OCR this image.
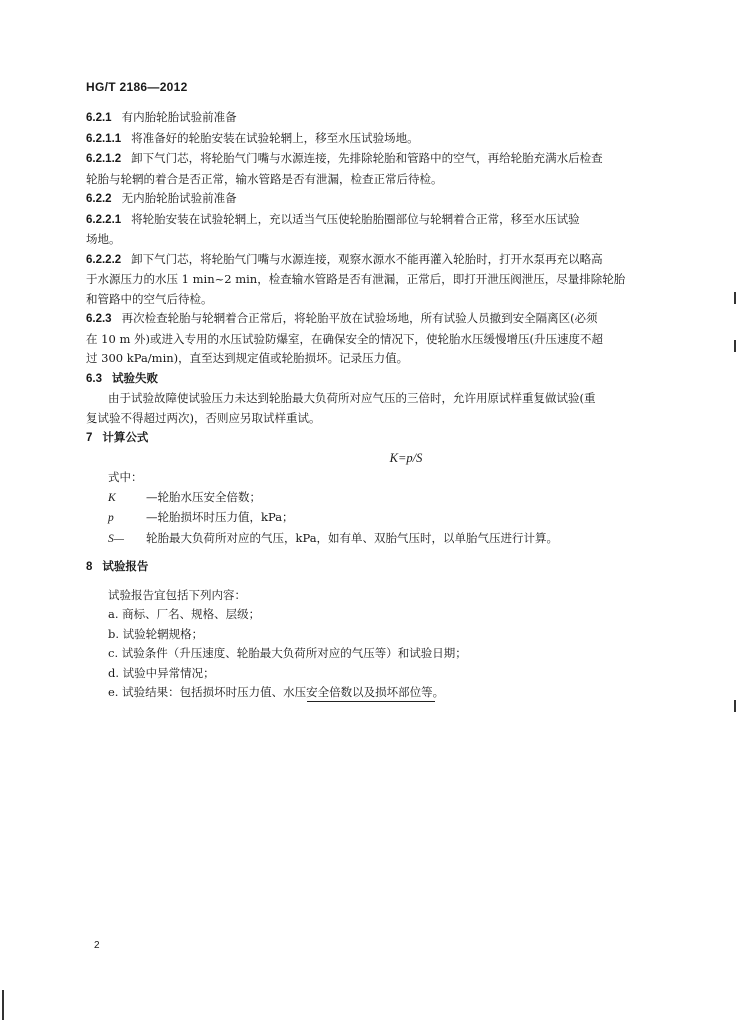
HG/T 2186—2012
6.2.1 有内胎轮胎试验前准备
6.2.1.1 将准备好的轮胎安装在试验轮辋上，移至水压试验场地。
6.2.1.2 卸下气门芯，将轮胎气门嘴与水源连接，先排除轮胎和管路中的空气，再给轮胎充满水后检查
轮胎与轮辋的着合是否正常，输水管路是否有泄漏，检查正常后待检。
6.2.2 无内胎轮胎试验前准备
6.2.2.1 将轮胎安装在试验轮辋上，充以适当气压使轮胎胎圈部位与轮辋着合正常，移至水压试验
场地。
6.2.2.2 卸下气门芯，将轮胎气门嘴与水源连接，观察水源水不能再灌入轮胎时，打开水泵再充以略高
于水源压力的水压 1 min~2 min，检查输水管路是否有泄漏，正常后，即打开泄压阀泄压，尽量排除轮胎
和管路中的空气后待检。
6.2.3 再次检查轮胎与轮辋着合正常后，将轮胎平放在试验场地，所有试验人员撤到安全隔离区(必须
在 10 m 外)或进入专用的水压试验防爆室，在确保安全的情况下，使轮胎水压缓慢增压(升压速度不超
过 300 kPa/min)，直至达到规定值或轮胎损坏。记录压力值。
6.3 试验失败
由于试验故障使试验压力未达到轮胎最大负荷所对应气压的三倍时，允许用原试样重复做试验(重
复试验不得超过两次)，否则应另取试样重试。
7 计算公式
K=p/S
式中：
K	—轮胎水压安全倍数；
p	—轮胎损坏时压力值，kPa；
S— 轮胎最大负荷所对应的气压，kPa，如有单、双胎气压时，以单胎气压进行计算。
8 试验报告
试验报告宜包括下列内容：
a. 商标、厂名、规格、层级；
b. 试验轮辋规格；
c. 试验条件（升压速度、轮胎最大负荷所对应的气压等）和试验日期；
d. 试验中异常情况；
e. 试验结果：包括损坏时压力值、水压安全倍数以及损坏部位等。
2
